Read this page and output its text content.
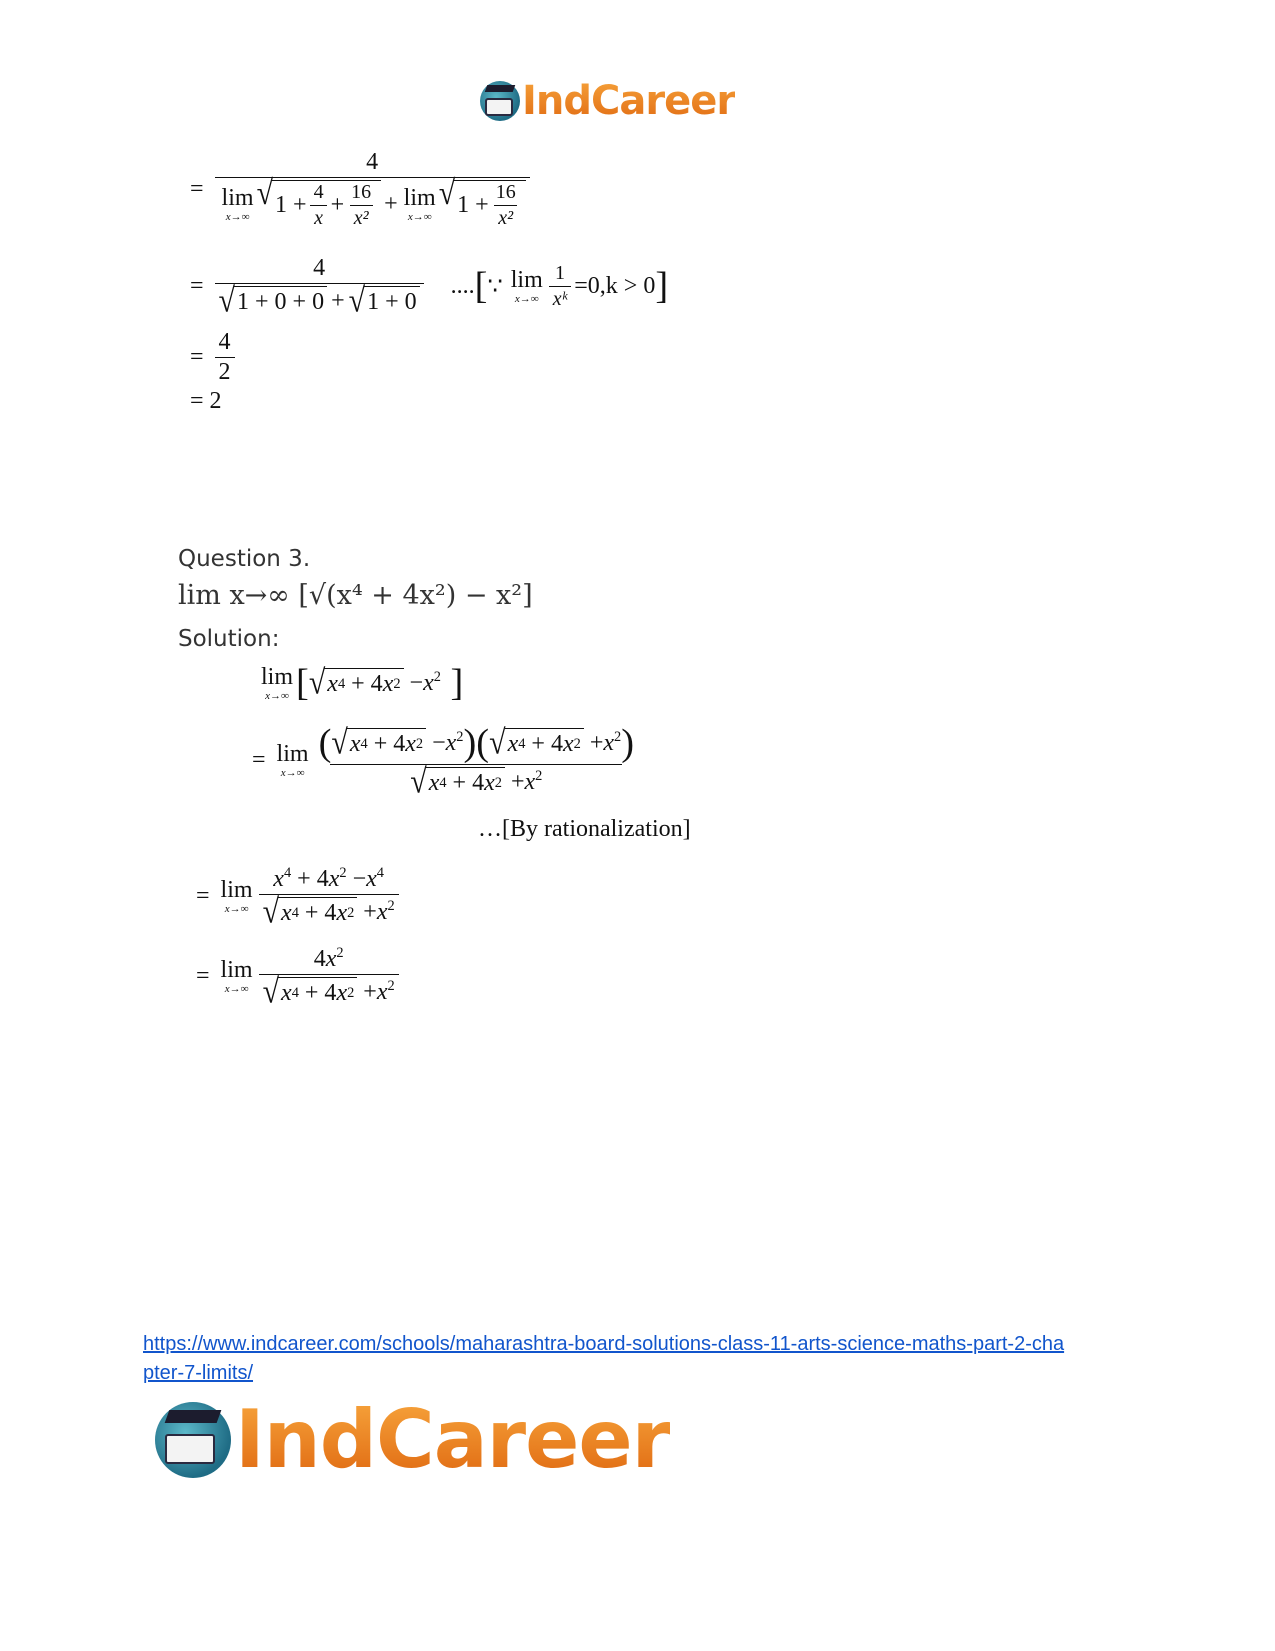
IndCareer
=
4
lim
x→∞
√ $1 + \frac{4}{x} + \frac{16}{\text{x²}} + \lim$
x→∞
√ $1 + \frac{16}{\text{x²}}$
= $\frac{4}{√ 1 + 0 + 0 + √ 1 + 0}$ .... [ ∵ lim
$x\to\infty \frac{1}{\text{xᵏ}} =0,k > 0$ ]
= $\frac{4}{2}$
= 2
Question 3.
lim x→∞ [√(x⁴ + 4x²) − x²]
Solution:
lim
x→∞ [ √ x 4 + 4 x $2 -x^2$ ]
= lim
$x\to\infty \frac{( √ x 4 + 4 x 2 -x^2 ) ( √ x 4 + 4 x 2 +x^2 )}{√ x 4 + 4 x 2 +x^2}$
…[By rationalization]
= lim
$x\to\infty \frac{x^4 + 4x^2 -x^4}{√ x 4 + 4 x 2 +x^2}$
= lim
$x\to\infty \frac{4x^2}{√ x 4 + 4 x 2 +x^2}$
https://www.indcareer.com/schools/maharashtra-board-solutions-class-11-arts-science-maths-part-2-chapter-7-limits/
IndCareer
